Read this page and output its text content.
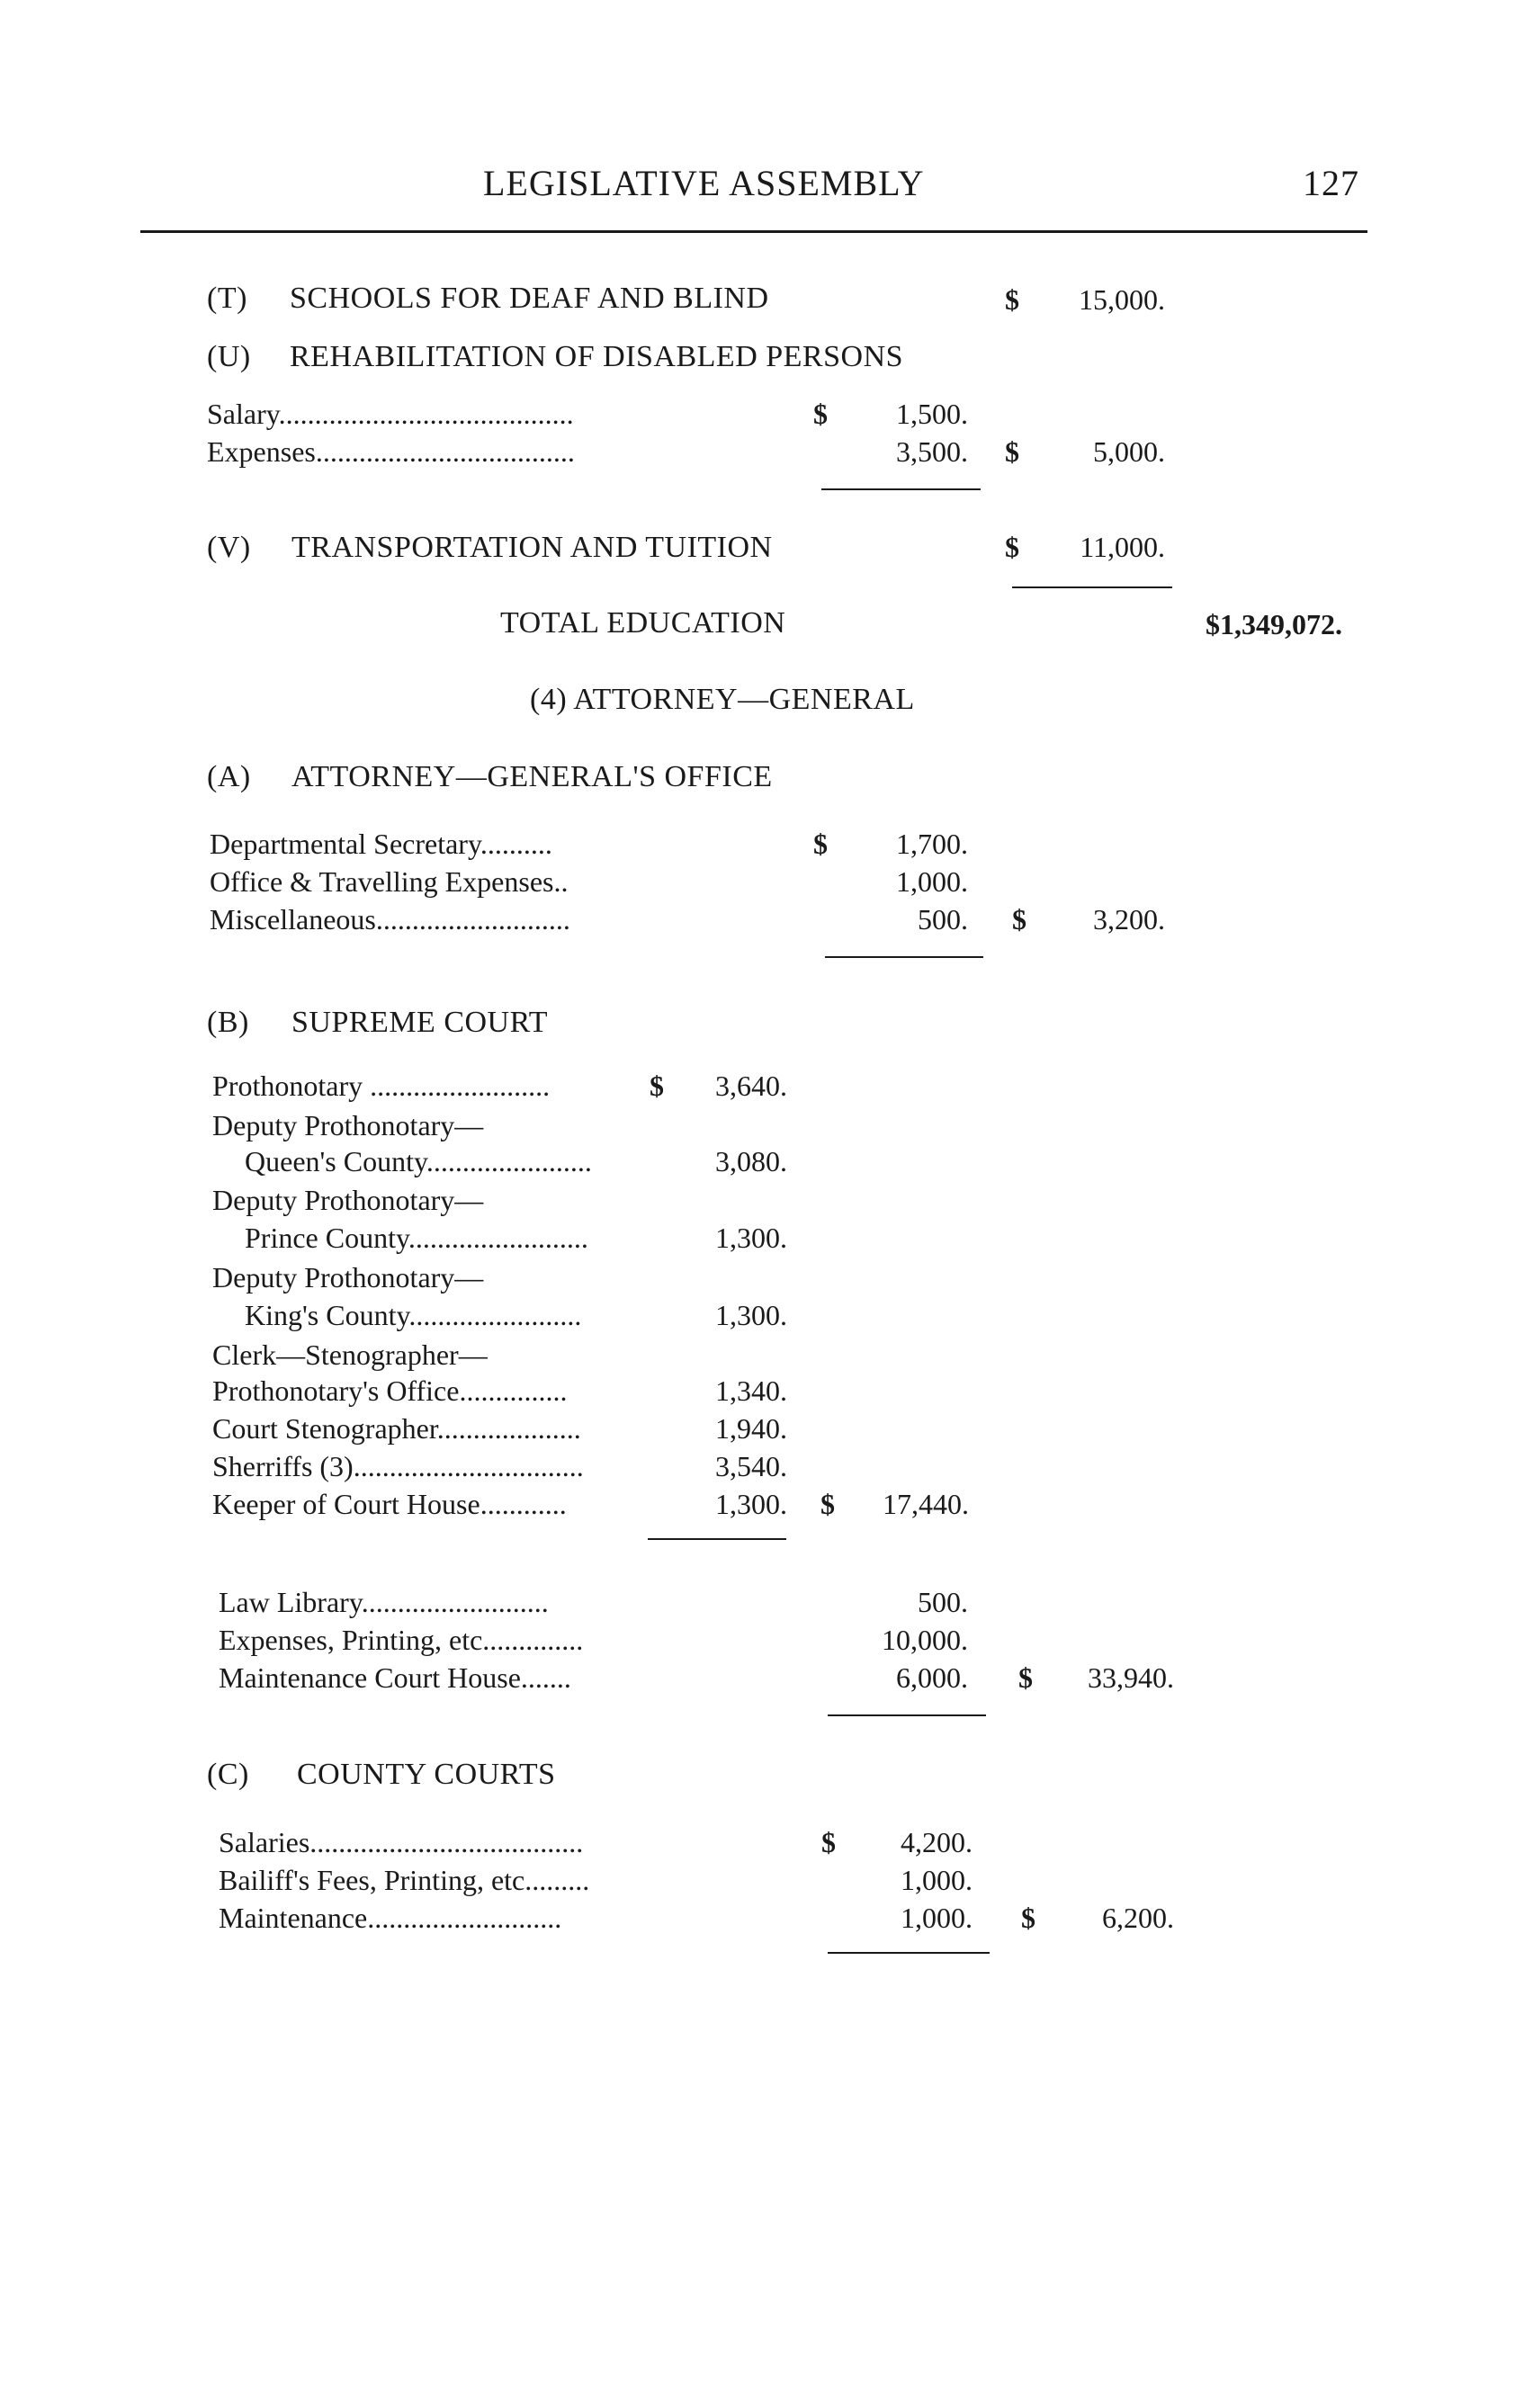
LEGISLATIVE ASSEMBLY	127
(T) SCHOOLS FOR DEAF AND BLIND	$	15,000.
(U) REHABILITATION OF DISABLED PERSONS
Salary.........................................	$	1,500.
Expenses....................................	3,500. $	5,000.
(V) TRANSPORTATION AND TUITION	$	11,000.
TOTAL EDUCATION	$1,349,072.
(4) ATTORNEY—GENERAL
(A) ATTORNEY—GENERAL'S OFFICE
Departmental Secretary..........	$	1,700.
Office & Travelling Expenses..	1,000.
Miscellaneous...........................	500. $	3,200.
(B) SUPREME COURT
Prothonotary .........................	$	3,640.
Deputy Prothonotary—
Queen's County.......................	3,080.
Deputy Prothonotary—
Prince County.........................	1,300.
Deputy Prothonotary—
King's County........................	1,300.
Clerk—Stenographer—
Prothonotary's Office...............	1,340.
Court Stenographer....................	1,940.
Sherriffs (3)................................	3,540.
Keeper of Court House............	1,300. $	17,440.
Law Library..........................	500.
Expenses, Printing, etc..............	10,000.
Maintenance Court House.......	6,000. $	33,940.
(C) COUNTY COURTS
Salaries......................................	$	4,200.
Bailiff's Fees, Printing, etc.........	1,000.
Maintenance...........................	1,000. $	6,200.
